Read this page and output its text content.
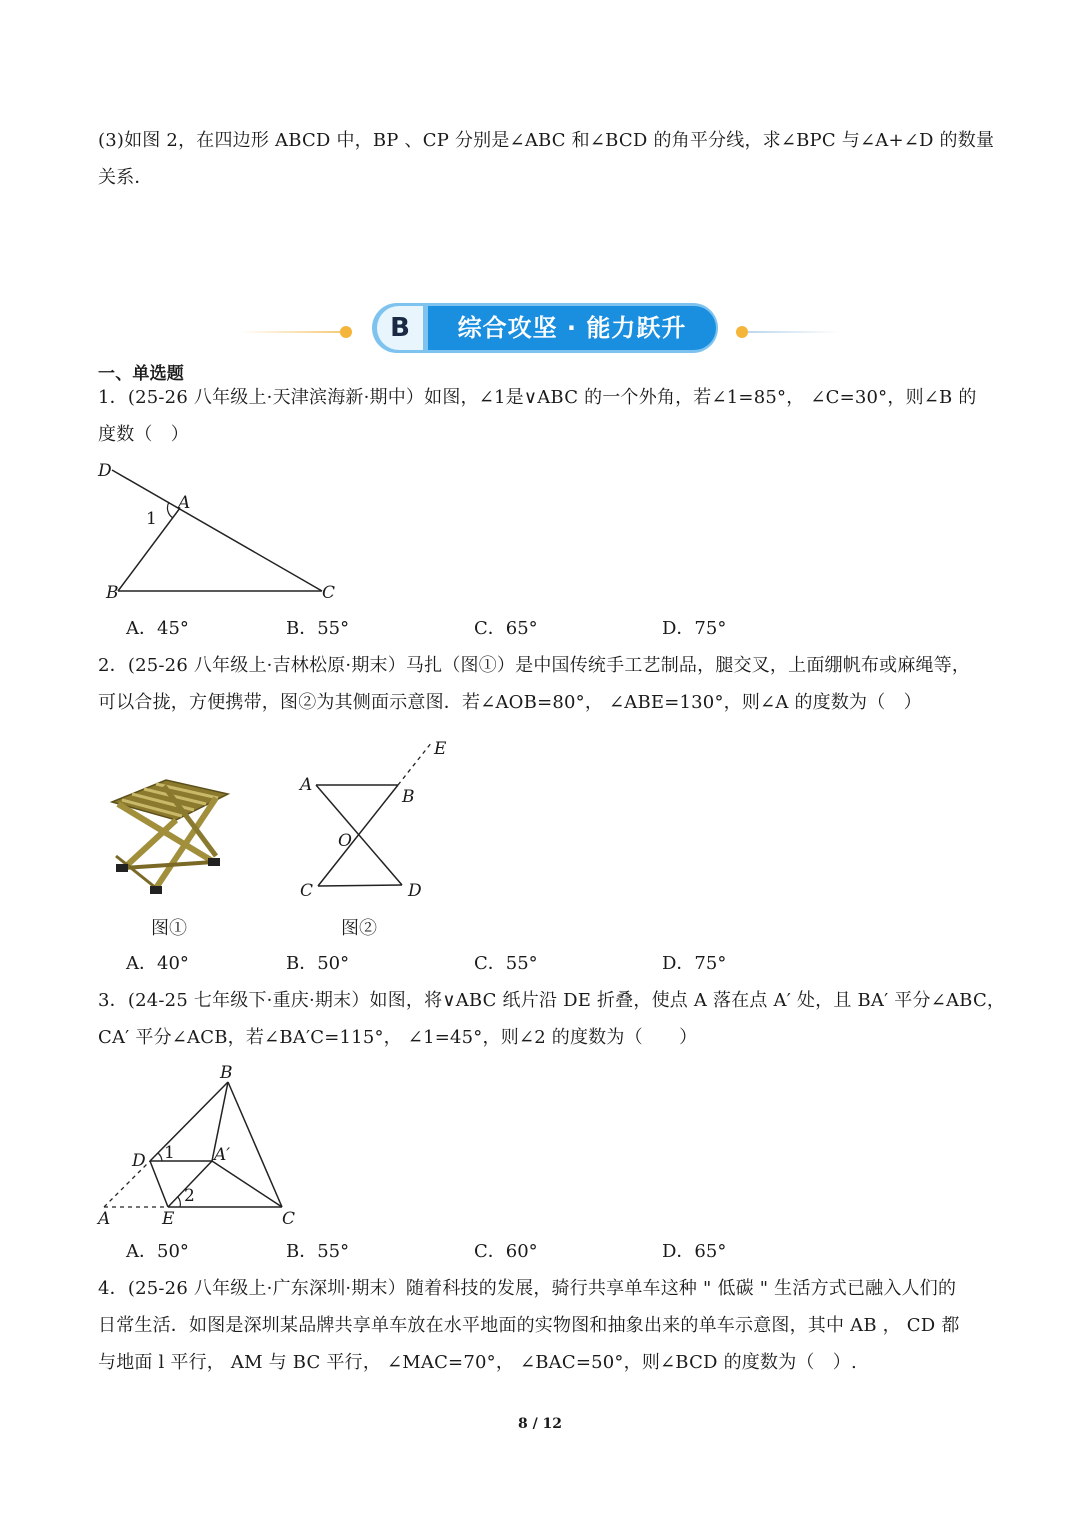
(3)如图 2，在四边形 ABCD 中，BP 、CP 分别是∠ABC 和∠BCD 的角平分线，求∠BPC 与∠A+∠D 的数量
关系．
B	综合攻坚 · 能力跃升
一、单选题
1．(25-26 八年级上·天津滨海新·期中）如图，∠1是∨ABC 的一个外角，若∠1=85°， ∠C=30°，则∠B 的
度数（　）
D
A
1
B	C
A．45°	B．55°	C．65°	D．75°
2．(25-26 八年级上·吉林松原·期末）马扎（图①）是中国传统手工艺制品，腿交叉，上面绷帆布或麻绳等，
可以合拢，方便携带，图②为其侧面示意图．若∠AOB=80°， ∠ABE=130°，则∠A 的度数为（　）
图①
E
A
B
O
C	D
图②
A．40°	B．50°	C．55°	D．75°
3．(24-25 七年级下·重庆·期末）如图，将∨ABC 纸片沿 DE 折叠，使点 A 落在点 A′ 处，且 BA′ 平分∠ABC，
CA′ 平分∠ACB，若∠BA′C=115°， ∠1=45°，则∠2 的度数为（　　）
B
D 1 A′
2
A	E	C
A．50°	B．55°	C．60°	D．65°
4．(25-26 八年级上·广东深圳·期末）随着科技的发展，骑行共享单车这种 " 低碳 " 生活方式已融入人们的
日常生活．如图是深圳某品牌共享单车放在水平地面的实物图和抽象出来的单车示意图，其中 AB ， CD 都
与地面 l 平行， AM 与 BC 平行， ∠MAC=70°， ∠BAC=50°，则∠BCD 的度数为（　）.
8 / 12
